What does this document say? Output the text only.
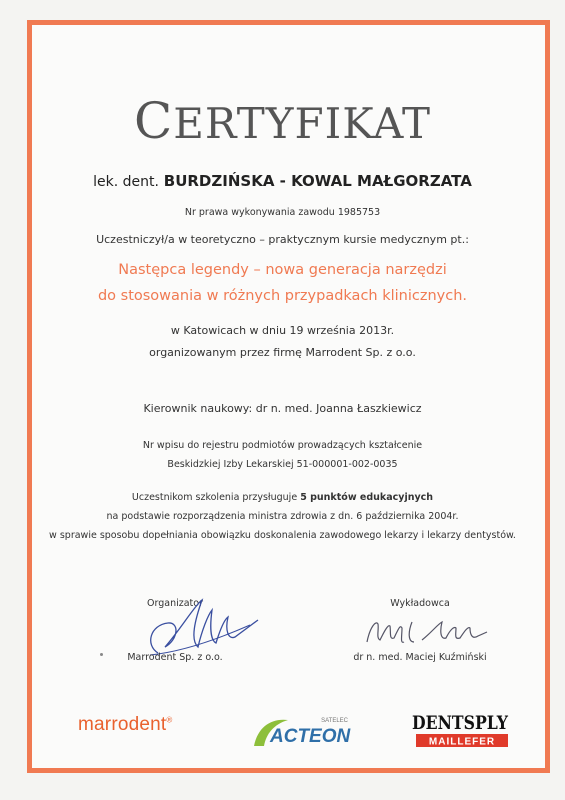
CERTYFIKAT
lek. dent. BURDZIŃSKA - KOWAL MAŁGORZATA
Nr prawa wykonywania zawodu 1985753
Uczestniczył/a w teoretyczno – praktycznym kursie medycznym pt.:
Następca legendy – nowa generacja narzędzi
do stosowania w różnych przypadkach klinicznych.
w Katowicach w dniu 19 września 2013r.
organizowanym przez firmę Marrodent Sp. z o.o.
Kierownik naukowy: dr n. med. Joanna Łaszkiewicz
Nr wpisu do rejestru podmiotów prowadzących kształcenie
Beskidzkiej Izby Lekarskiej 51-000001-002-0035
Uczestnikom szkolenia przysługuje 5 punktów edukacyjnych
na podstawie rozporządzenia ministra zdrowia z dn. 6 października 2004r.
w sprawie sposobu dopełniania obowiązku doskonalenia zawodowego lekarzy i lekarzy dentystów.
Organizator
Marrodent Sp. z o.o.
Wykładowca
dr n. med. Maciej Kuźmiński
marrodent®	SATELEC
ACTEON
DENTSPLY
MAILLEFER
